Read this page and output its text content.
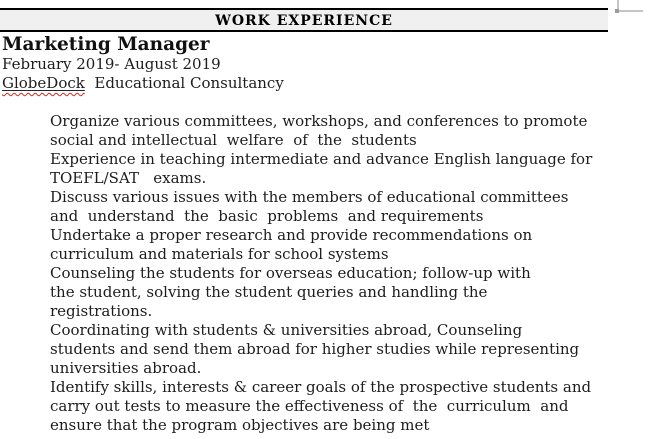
WORK EXPERIENCE
Marketing Manager
February 2019- August 2019
GlobeDock  Educational Consultancy
Organize various committees, workshops, and conferences to promote
social and intellectual  welfare  of  the  students
Experience in teaching intermediate and advance English language for
TOEFL/SAT   exams.
Discuss various issues with the members of educational committees
and  understand  the  basic  problems  and requirements
Undertake a proper research and provide recommendations on
curriculum and materials for school systems
Counseling the students for overseas education; follow-up with
the student, solving the student queries and handling the
registrations.
Coordinating with students & universities abroad, Counseling
students and send them abroad for higher studies while representing
universities abroad.
Identify skills, interests & career goals of the prospective students and
carry out tests to measure the effectiveness of  the  curriculum  and
ensure that the program objectives are being met
